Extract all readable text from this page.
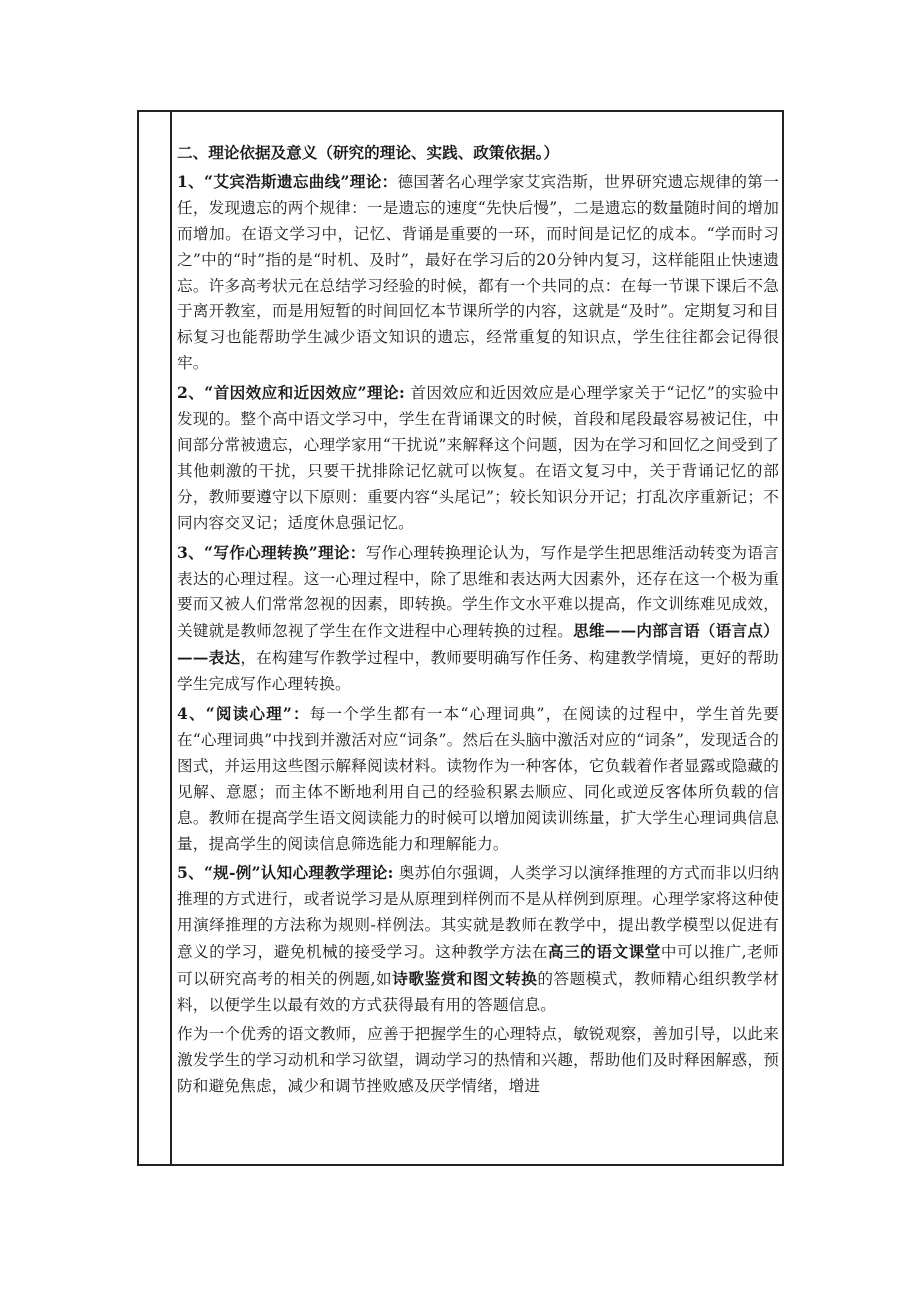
二、理论依据及意义（研究的理论、实践、政策依据。）

1、“艾宾浩斯遗忘曲线”理论：德国著名心理学家艾宾浩斯，世界研究遗忘规律的第一任，发现遗忘的两个规律：一是遗忘的速度“先快后慢”，二是遗忘的数量随时间的增加而增加。在语文学习中，记忆、背诵是重要的一环，而时间是记忆的成本。“学而时习之”中的“时”指的是“时机、及时”，最好在学习后的20分钟内复习，这样能阻止快速遗忘。许多高考状元在总结学习经验的时候，都有一个共同的点：在每一节课下课后不急于离开教室，而是用短暂的时间回忆本节课所学的内容，这就是“及时”。定期复习和目标复习也能帮助学生减少语文知识的遗忘，经常重复的知识点，学生往往都会记得很牢。

2、“首因效应和近因效应”理论: 首因效应和近因效应是心理学家关于“记忆”的实验中发现的。整个高中语文学习中，学生在背诵课文的时候，首段和尾段最容易被记住，中间部分常被遗忘，心理学家用“干扰说”来解释这个问题，因为在学习和回忆之间受到了其他刺激的干扰，只要干扰排除记忆就可以恢复。在语文复习中，关于背诵记忆的部分，教师要遵守以下原则：重要内容“头尾记”；较长知识分开记；打乱次序重新记；不同内容交叉记；适度休息强记忆。

3、“写作心理转换”理论：写作心理转换理论认为，写作是学生把思维活动转变为语言表达的心理过程。这一心理过程中，除了思维和表达两大因素外，还存在这一个极为重要而又被人们常常忽视的因素，即转换。学生作文水平难以提高，作文训练难见成效，关键就是教师忽视了学生在作文进程中心理转换的过程。思维——内部言语（语言点）——表达，在构建写作教学过程中，教师要明确写作任务、构建教学情境，更好的帮助学生完成写作心理转换。

4、“阅读心理”：每一个学生都有一本“心理词典”，在阅读的过程中，学生首先要在“心理词典”中找到并激活对应“词条”。然后在头脑中激活对应的“词条”，发现适合的图式，并运用这些图示解释阅读材料。读物作为一种客体，它负载着作者显露或隐藏的见解、意愿；而主体不断地利用自己的经验积累去顺应、同化或逆反客体所负载的信息。教师在提高学生语文阅读能力的时候可以增加阅读训练量，扩大学生心理词典信息量，提高学生的阅读信息筛选能力和理解能力。

5、“规-例”认知心理教学理论: 奥苏伯尔强调，人类学习以演绎推理的方式而非以归纳推理的方式进行，或者说学习是从原理到样例而不是从样例到原理。心理学家将这种使用演绎推理的方法称为规则-样例法。其实就是教师在教学中，提出教学模型以促进有意义的学习，避免机械的接受学习。这种教学方法在高三的语文课堂中可以推广,老师可以研究高考的相关的例题,如诗歌鉴赏和图文转换的答题模式，教师精心组织教学材料，以便学生以最有效的方式获得最有用的答题信息。

作为一个优秀的语文教师，应善于把握学生的心理特点，敏锐观察，善加引导，以此来激发学生的学习动机和学习欲望，调动学习的热情和兴趣，帮助他们及时释困解惑，预防和避免焦虑，减少和调节挫败感及厌学情绪，增进
